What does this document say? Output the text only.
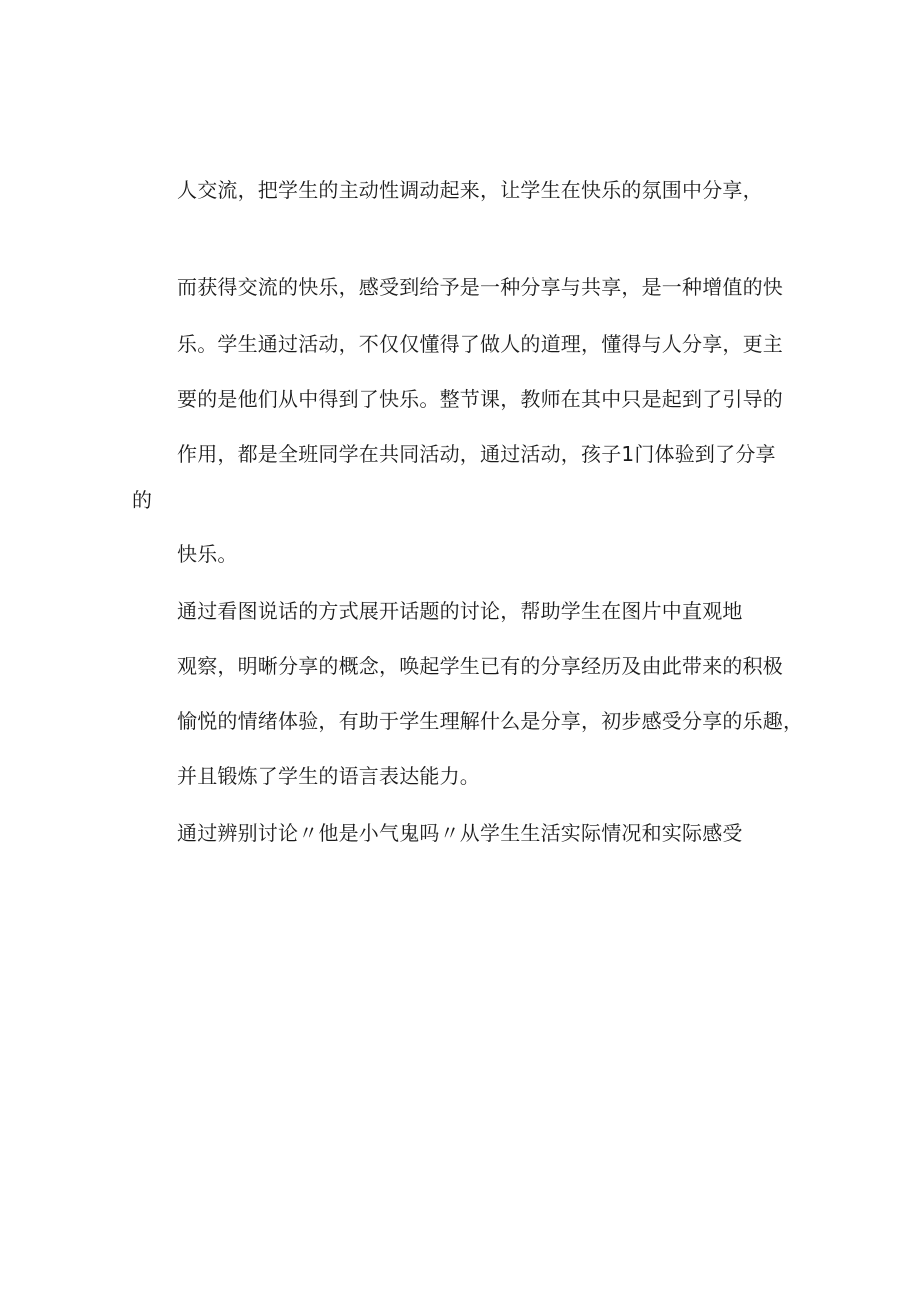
人交流，把学生的主动性调动起来，让学生在快乐的氛围中分享，

而获得交流的快乐，感受到给予是一种分享与共享，是一种增值的快

乐。学生通过活动，不仅仅懂得了做人的道理，懂得与人分享，更主

要的是他们从中得到了快乐。整节课，教师在其中只是起到了引导的

作用，都是全班同学在共同活动，通过活动，孩子1门体验到了分享

的

快乐。

通过看图说话的方式展开话题的讨论，帮助学生在图片中直观地

观察，明晰分享的概念，唤起学生已有的分享经历及由此带来的积极

愉悦的情绪体验，有助于学生理解什么是分享，初步感受分享的乐趣，

并且锻炼了学生的语言表达能力。

通过辨别讨论〃他是小气鬼吗〃从学生生活实际情况和实际感受
